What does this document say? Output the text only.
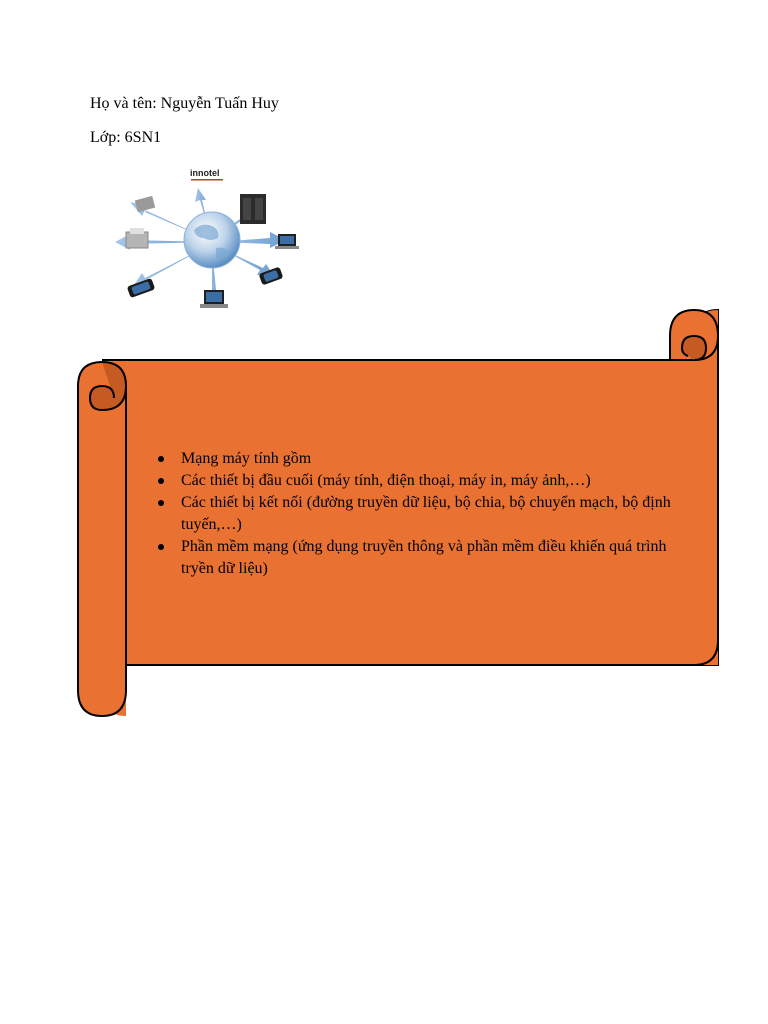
Họ và tên: Nguyễn Tuấn Huy
Lớp: 6SN1
innotel
Mạng máy tính gồm
Các thiết bị đầu cuối (máy tính, điện thoại, máy in, máy ảnh,…)
Các thiết bị kết nối (đường truyền dữ liệu, bộ chia, bộ chuyển mạch, bộ định tuyến,…)
Phần mềm mạng (ứng dụng truyền thông và phần mềm điều khiến quá trình tryền dữ liệu)
